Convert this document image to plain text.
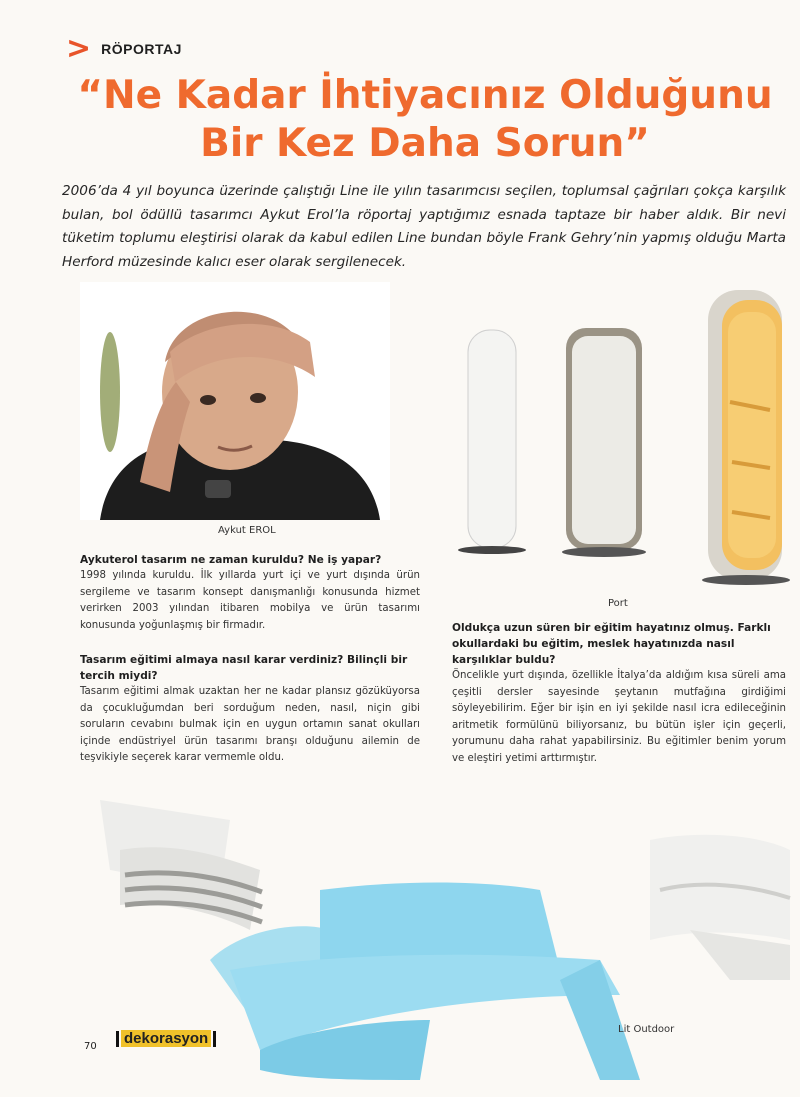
> RÖPORTAJ
“Ne Kadar İhtiyacınız Olduğunu
Bir Kez Daha Sorun”
2006’da 4 yıl boyunca üzerinde çalıştığı Line ile yılın tasarımcısı seçilen, toplumsal çağrıları çokça karşılık bulan, bol ödüllü tasarımcı Aykut Erol’la röportaj yaptığımız esnada taptaze bir haber aldık. Bir nevi tüketim toplumu eleştirisi olarak da kabul edilen Line bundan böyle Frank Gehry’nin yapmış olduğu Marta Herford müzesinde kalıcı eser olarak sergilenecek.
Aykut EROL
Port
Aykuterol tasarım ne zaman kuruldu? Ne iş yapar?
1998 yılında kuruldu. İlk yıllarda yurt içi ve yurt dışında ürün sergileme ve tasarım konsept danışmanlığı konusunda hizmet verirken 2003 yılından itibaren mobilya ve ürün tasarımı konusunda yoğunlaşmış bir firmadır.
Tasarım eğitimi almaya nasıl karar verdiniz? Bilinçli bir tercih miydi?
Tasarım eğitimi almak uzaktan her ne kadar plansız gözüküyorsa da çocukluğumdan beri sorduğum neden, nasıl, niçin gibi soruların cevabını bulmak için en uygun ortamın sanat okulları içinde endüstriyel ürün tasarımı branşı olduğunu ailemin de teşvikiyle seçerek karar vermemle oldu.
Oldukça uzun süren bir eğitim hayatınız olmuş. Farklı okullardaki bu eğitim, meslek hayatınızda nasıl karşılıklar buldu?
Öncelikle yurt dışında, özellikle İtalya’da aldığım kısa süreli ama çeşitli dersler sayesinde şeytanın mutfağına girdiğimi söyleyebilirim. Eğer bir işin en iyi şekilde nasıl icra edileceğinin aritmetik formülünü biliyorsanız, bu bütün işler için geçerli, yorumunu daha rahat yapabilirsiniz. Bu eğitimler benim yorum ve eleştiri yetimi arttırmıştır.
Lit Outdoor
70 dekorasyon
